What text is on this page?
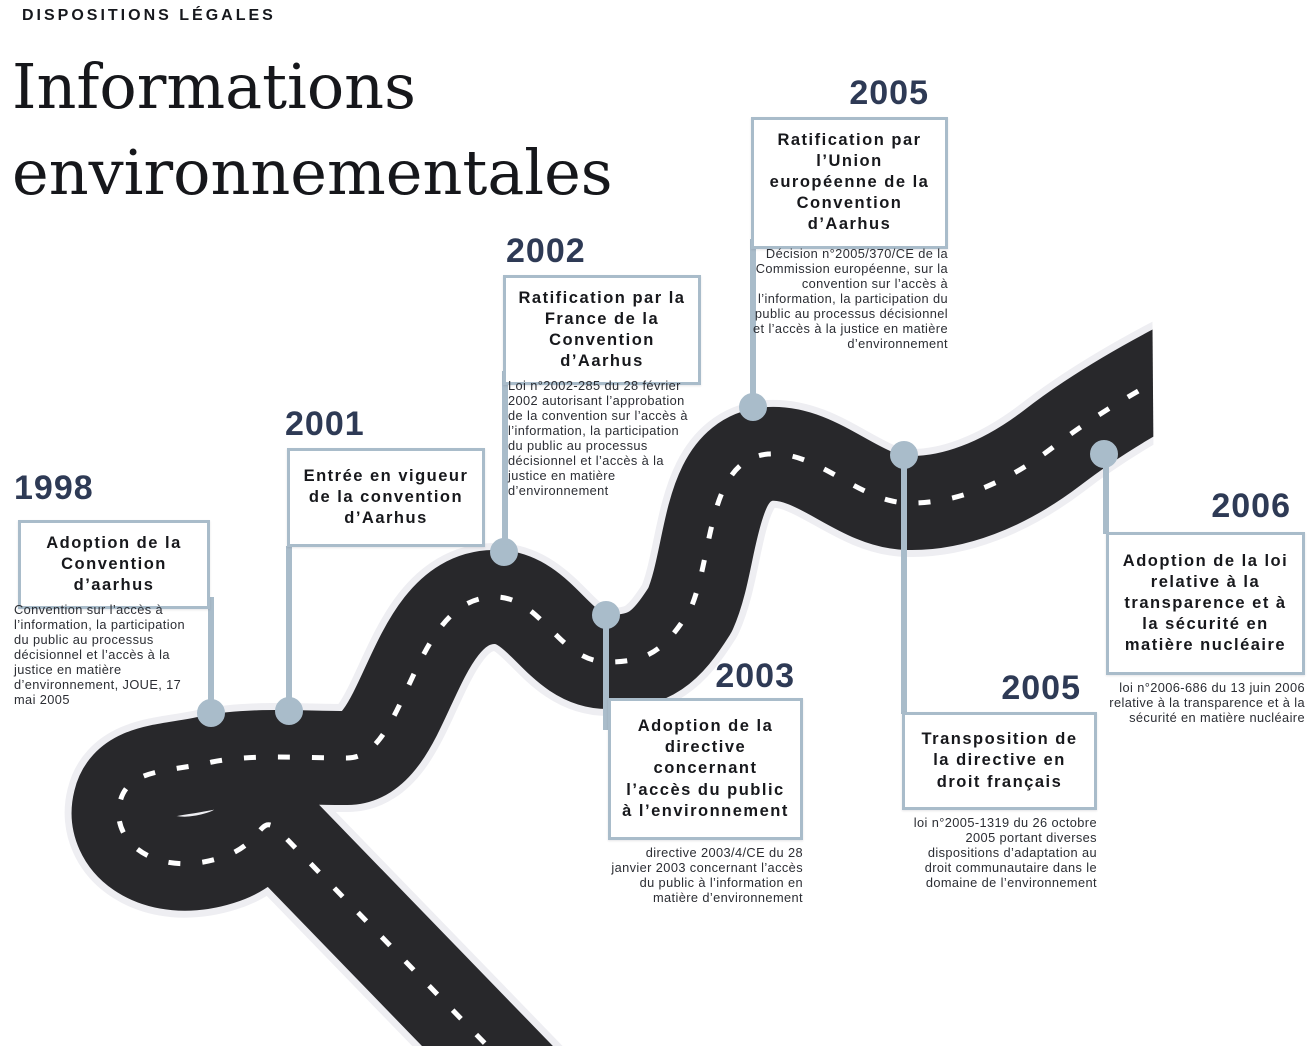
DISPOSITIONS LÉGALES
Informations environnementales
1998
Adoption de la Convention d’aarhus
Convention sur l’accès à l’information, la participation du public au processus décisionnel et l’accès à la justice en matière d’environnement, JOUE, 17 mai 2005
2001
Entrée en vigueur de la convention d’Aarhus
2002
Ratification par la France de la Convention d’Aarhus
Loi n°2002-285 du 28 février 2002 autorisant l’approbation de la convention sur l’accès à l’information, la participation du public au processus décisionnel et l’accès à la justice en matière d’environnement
2005
Ratification par l’Union européenne de la Convention d’Aarhus
Décision n°2005/370/CE de la Commission européenne, sur la convention sur l’accès à l’information, la participation du public au processus décisionnel et l’accès à la justice en matière d’environnement
2003
Adoption de la directive concernant l’accès du public à l’environnement
directive 2003/4/CE du 28 janvier 2003 concernant l’accès du public à l’information en matière d’environnement
2005
Transposition de la directive en droit français
loi n°2005-1319 du 26 octobre 2005 portant diverses dispositions d’adaptation au droit communautaire dans le domaine de l’environnement
2006
Adoption de la loi relative à la transparence et à la sécurité en matière nucléaire
loi n°2006-686 du 13 juin 2006 relative à la transparence et à la sécurité en matière nucléaire
